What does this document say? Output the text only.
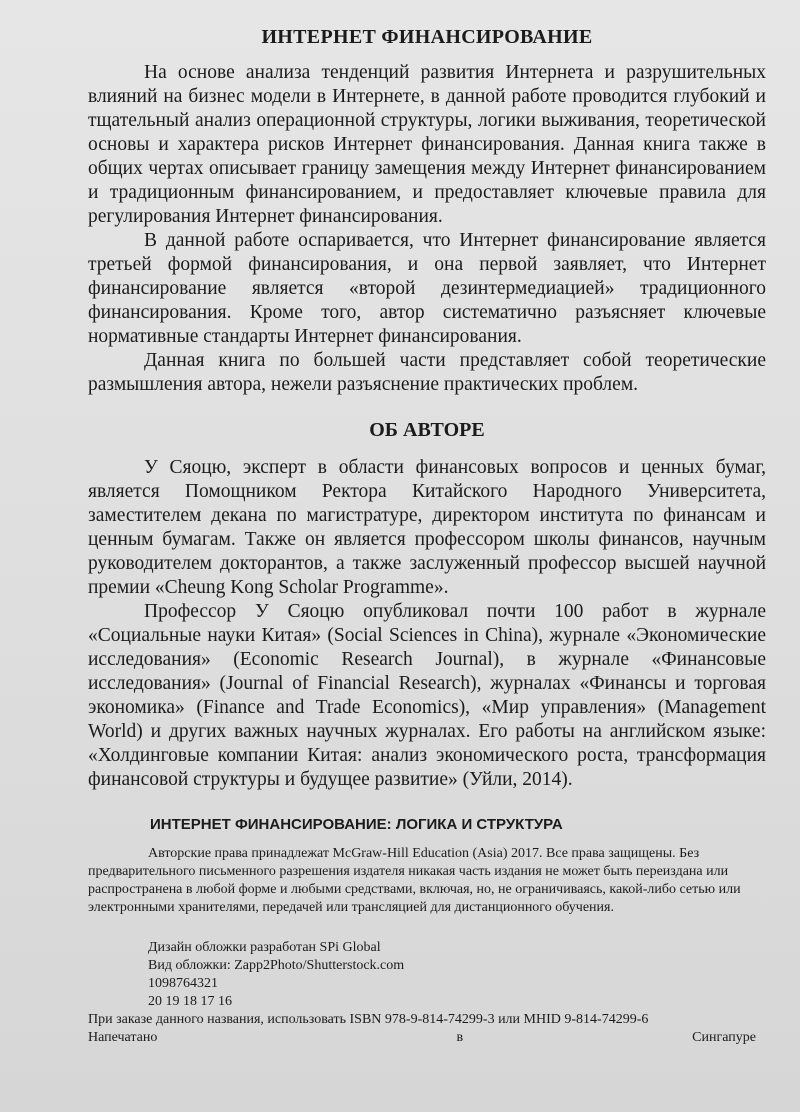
ИНТЕРНЕТ ФИНАНСИРОВАНИЕ

На основе анализа тенденций развития Интернета и разрушительных влияний на бизнес модели в Интернете, в данной работе проводится глубокий и тщательный анализ операционной структуры, логики выживания, теоретической основы и характера рисков Интернет финансирования. Данная книга также в общих чертах описывает границу замещения между Интернет финансированием и традиционным финансированием, и предоставляет ключевые правила для регулирования Интернет финансирования.

В данной работе оспаривается, что Интернет финансирование является третьей формой финансирования, и она первой заявляет, что Интернет финансирование является «второй дезинтермедиацией» традиционного финансирования. Кроме того, автор систематично разъясняет ключевые нормативные стандарты Интернет финансирования.

Данная книга по большей части представляет собой теоретические размышления автора, нежели разъяснение практических проблем.

ОБ АВТОРЕ

У Сяоцю, эксперт в области финансовых вопросов и ценных бумаг, является Помощником Ректора Китайского Народного Университета, заместителем декана по магистратуре, директором института по финансам и ценным бумагам. Также он является профессором школы финансов, научным руководителем докторантов, а также заслуженный профессор высшей научной премии «Cheung Kong Scholar Programme».

Профессор У Сяоцю опубликовал почти 100 работ в журнале «Социальные науки Китая» (Social Sciences in China), журнале «Экономические исследования» (Economic Research Journal), в журнале «Финансовые исследования» (Journal of Financial Research), журналах «Финансы и торговая экономика» (Finance and Trade Economics), «Мир управления» (Management World) и других важных научных журналах. Его работы на английском языке: «Холдинговые компании Китая: анализ экономического роста, трансформация финансовой структуры и будущее развитие» (Уйли, 2014).

ИНТЕРНЕТ ФИНАНСИРОВАНИЕ: ЛОГИКА И СТРУКТУРА

Авторские права принадлежат McGraw-Hill Education (Asia) 2017. Все права защищены. Без предварительного письменного разрешения издателя никакая часть издания не может быть переиздана или распространена в любой форме и любыми средствами, включая, но, не ограничиваясь, какой-либо сетью или электронными хранителями, передачей или трансляцией для дистанционного обучения.

Дизайн обложки разработан SPi Global
Вид обложки: Zapp2Photo/Shutterstock.com
1098764321
20 19 18 17 16
При заказе данного названия, использовать ISBN 978-9-814-74299-3 или MHID 9-814-74299-6
Напечатано	в	Сингапуре
